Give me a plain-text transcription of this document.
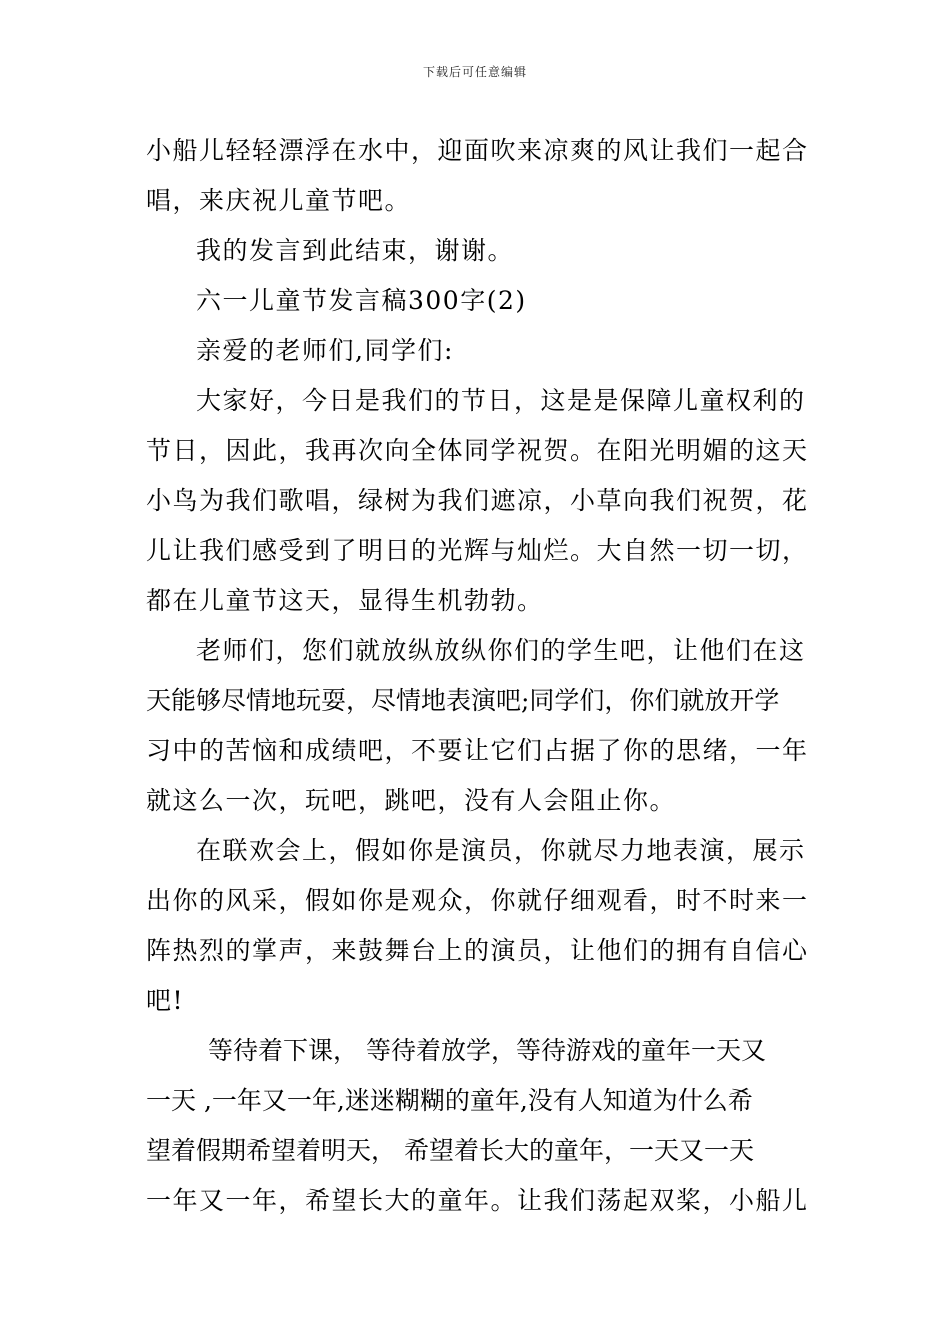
下载后可任意编辑
小船儿轻轻漂浮在水中，迎面吹来凉爽的风让我们一起合
唱，来庆祝儿童节吧。
我的发言到此结束，谢谢。
六一儿童节发言稿300字(2)
亲爱的老师们,同学们:
大家好，今日是我们的节日，这是是保障儿童权利的
节日，因此，我再次向全体同学祝贺。在阳光明媚的这天
小鸟为我们歌唱，绿树为我们遮凉，小草向我们祝贺，花
儿让我们感受到了明日的光辉与灿烂。大自然一切一切，
都在儿童节这天，显得生机勃勃。
老师们，您们就放纵放纵你们的学生吧，让他们在这
天能够尽情地玩耍，尽情地表演吧;同学们，你们就放开学
习中的苦恼和成绩吧，不要让它们占据了你的思绪，一年
就这么一次，玩吧，跳吧，没有人会阻止你。
在联欢会上，假如你是演员，你就尽力地表演，展示
出你的风采，假如你是观众，你就仔细观看，时不时来一
阵热烈的掌声，来鼓舞台上的演员，让他们的拥有自信心
吧!
等待着下课， 等待着放学，等待游戏的童年一天又
一天 ,一年又一年,迷迷糊糊的童年,没有人知道为什么希
望着假期希望着明天， 希望着长大的童年，一天又一天
一年又一年，希望长大的童年。让我们荡起双桨，小船儿
